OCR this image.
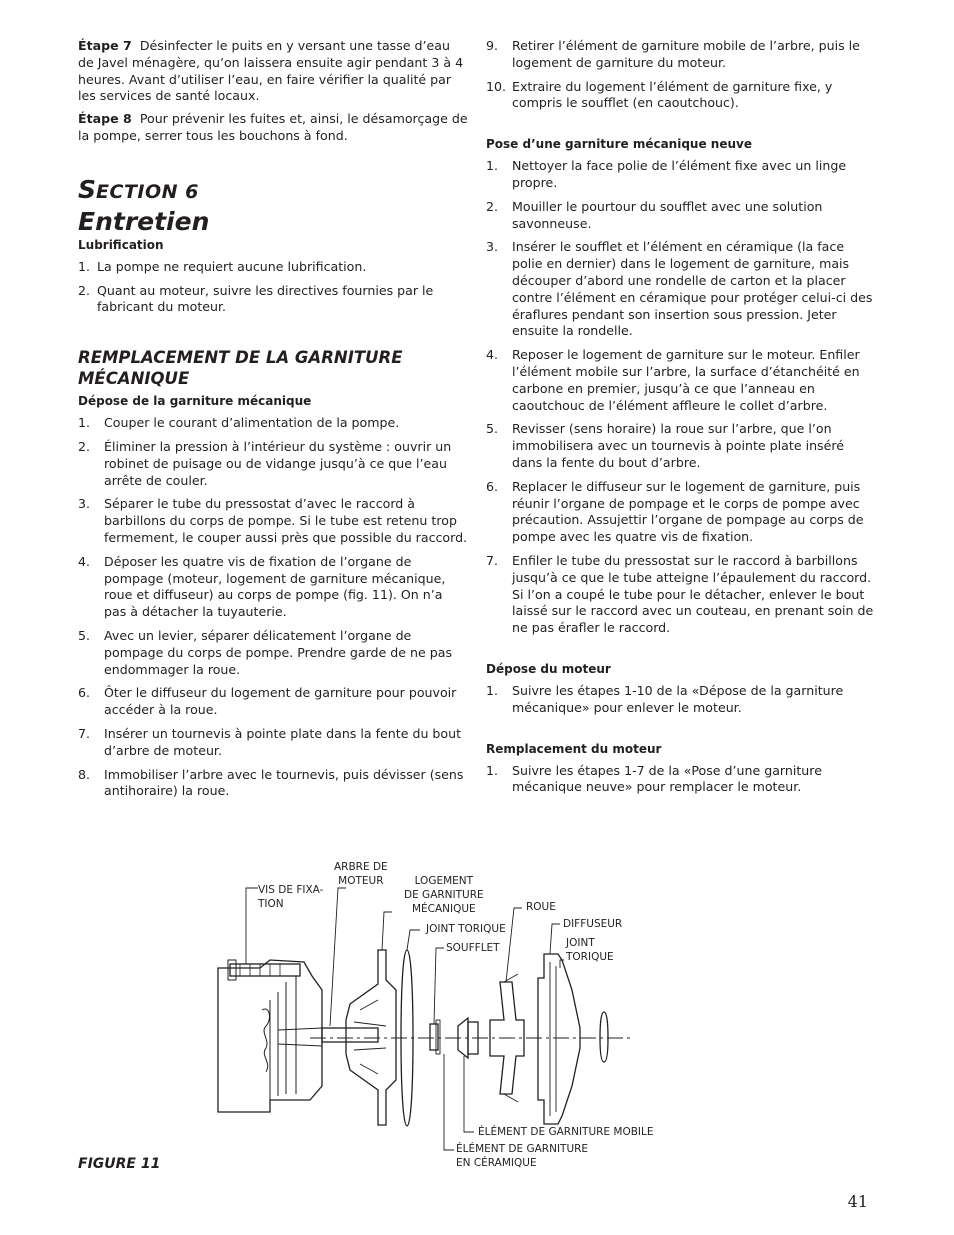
Étape 7 Désinfecter le puits en y versant une tasse d’eau de Javel ménagère, qu’on laissera ensuite agir pendant 3 à 4 heures. Avant d’utiliser l’eau, en faire vérifier la qualité par les services de santé locaux.

Étape 8 Pour prévenir les fuites et, ainsi, le désamorçage de la pompe, serrer tous les bouchons à fond.

SECTION 6
Entretien
Lubrification
1. La pompe ne requiert aucune lubrification.
2. Quant au moteur, suivre les directives fournies par le fabricant du moteur.
REMPLACEMENT DE LA GARNITURE MÉCANIQUE
Dépose de la garniture mécanique
1. Couper le courant d’alimentation de la pompe.
2. Éliminer la pression à l’intérieur du système : ouvrir un robinet de puisage ou de vidange jusqu’à ce que l’eau arrête de couler.
3. Séparer le tube du pressostat d’avec le raccord à barbillons du corps de pompe. Si le tube est retenu trop fermement, le couper aussi près que possible du raccord.
4. Déposer les quatre vis de fixation de l’organe de pompage (moteur, logement de garniture mécanique, roue et diffuseur) au corps de pompe (fig. 11). On n’a pas à détacher la tuyauterie.
5. Avec un levier, séparer délicatement l’organe de pompage du corps de pompe. Prendre garde de ne pas endommager la roue.
6. Ôter le diffuseur du logement de garniture pour pouvoir accéder à la roue.
7. Insérer un tournevis à pointe plate dans la fente du bout d’arbre de moteur.
8. Immobiliser l’arbre avec le tournevis, puis dévisser (sens antihoraire) la roue.
9. Retirer l’élément de garniture mobile de l’arbre, puis le logement de garniture du moteur.
10. Extraire du logement l’élément de garniture fixe, y compris le soufflet (en caoutchouc).
Pose d’une garniture mécanique neuve
1. Nettoyer la face polie de l’élément fixe avec un linge propre.
2. Mouiller le pourtour du soufflet avec une solution savonneuse.
3. Insérer le soufflet et l’élément en céramique (la face polie en dernier) dans le logement de garniture, mais découper d’abord une rondelle de carton et la placer contre l’élément en céramique pour protéger celui-ci des éraflures pendant son insertion sous pression. Jeter ensuite la rondelle.
4. Reposer le logement de garniture sur le moteur. Enfiler l’élément mobile sur l’arbre, la surface d’étanchéité en carbone en premier, jusqu’à ce que l’anneau en caoutchouc de l’élément affleure le collet d’arbre.
5. Revisser (sens horaire) la roue sur l’arbre, que l’on immobilisera avec un tournevis à pointe plate inséré dans la fente du bout d’arbre.
6. Replacer le diffuseur sur le logement de garniture, puis réunir l’organe de pompage et le corps de pompe avec précaution. Assujettir l’organe de pompage au corps de pompe avec les quatre vis de fixation.
7. Enfiler le tube du pressostat sur le raccord à barbillons jusqu’à ce que le tube atteigne l’épaulement du raccord. Si l’on a coupé le tube pour le détacher, enlever le bout laissé sur le raccord avec un couteau, en prenant soin de ne pas érafler le raccord.
Dépose du moteur
1. Suivre les étapes 1-10 de la «Dépose de la garniture mécanique» pour enlever le moteur.
Remplacement du moteur
1. Suivre les étapes 1-7 de la «Pose d’une garniture mécanique neuve» pour remplacer le moteur.
VIS DE FIXA-
TION
ARBRE DE
MOTEUR	LOGEMENT
DE GARNITURE
MÉCANIQUE	ROUE
DIFFUSEUR
JOINT TORIQUE
JOINT
TORIQUE
SOUFFLET
ÉLÉMENT DE GARNITURE MOBILE
ÉLÉMENT DE GARNITURE
EN CÉRAMIQUE
FIGURE 11
41
